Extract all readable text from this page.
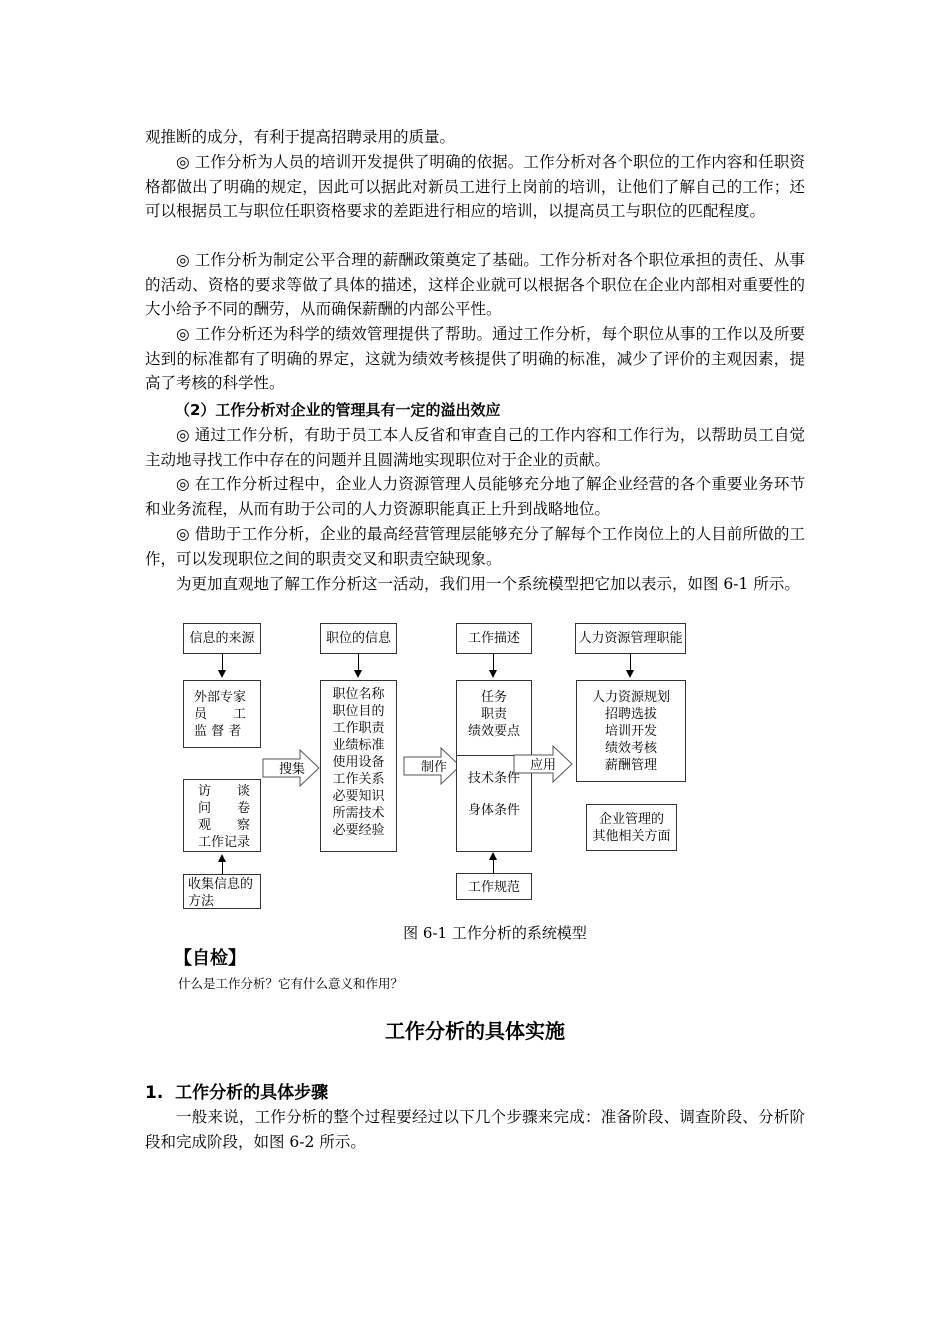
观推断的成分，有利于提高招聘录用的质量。

◎ 工作分析为人员的培训开发提供了明确的依据。工作分析对各个职位的工作内容和任职资格都做出了明确的规定，因此可以据此对新员工进行上岗前的培训，让他们了解自己的工作；还可以根据员工与职位任职资格要求的差距进行相应的培训，以提高员工与职位的匹配程度。

◎ 工作分析为制定公平合理的薪酬政策奠定了基础。工作分析对各个职位承担的责任、从事的活动、资格的要求等做了具体的描述，这样企业就可以根据各个职位在企业内部相对重要性的大小给予不同的酬劳，从而确保薪酬的内部公平性。

◎ 工作分析还为科学的绩效管理提供了帮助。通过工作分析，每个职位从事的工作以及所要达到的标准都有了明确的界定，这就为绩效考核提供了明确的标准，减少了评价的主观因素，提高了考核的科学性。

（2）工作分析对企业的管理具有一定的溢出效应

◎ 通过工作分析，有助于员工本人反省和审查自己的工作内容和工作行为，以帮助员工自觉主动地寻找工作中存在的问题并且圆满地实现职位对于企业的贡献。

◎ 在工作分析过程中，企业人力资源管理人员能够充分地了解企业经营的各个重要业务环节和业务流程，从而有助于公司的人力资源职能真正上升到战略地位。

◎ 借助于工作分析，企业的最高经营管理层能够充分了解每个工作岗位上的人目前所做的工作，可以发现职位之间的职责交叉和职责空缺现象。

为更加直观地了解工作分析这一活动，我们用一个系统模型把它加以表示，如图 6-1 所示。

信息的来源
外部专家
员　　工
监 督 者
访　　谈
问　　卷
观　　察
工作记录
收集信息的
方法
搜集
职位的信息
职位名称
职位目的
工作职责
业绩标准
使用设备
工作关系
必要知识
所需技术
必要经验
制作
工作描述
任务
职责
绩效要点
技术条件
身体条件
工作规范
应用
人力资源管理职能
人力资源规划
招聘选拔
培训开发
绩效考核
薪酬管理
企业管理的
其他相关方面
图 6-1 工作分析的系统模型
【自检】
什么是工作分析？它有什么意义和作用？
工作分析的具体实施
1.  工作分析的具体步骤

一般来说，工作分析的整个过程要经过以下几个步骤来完成：准备阶段、调查阶段、分析阶段和完成阶段，如图 6-2 所示。
